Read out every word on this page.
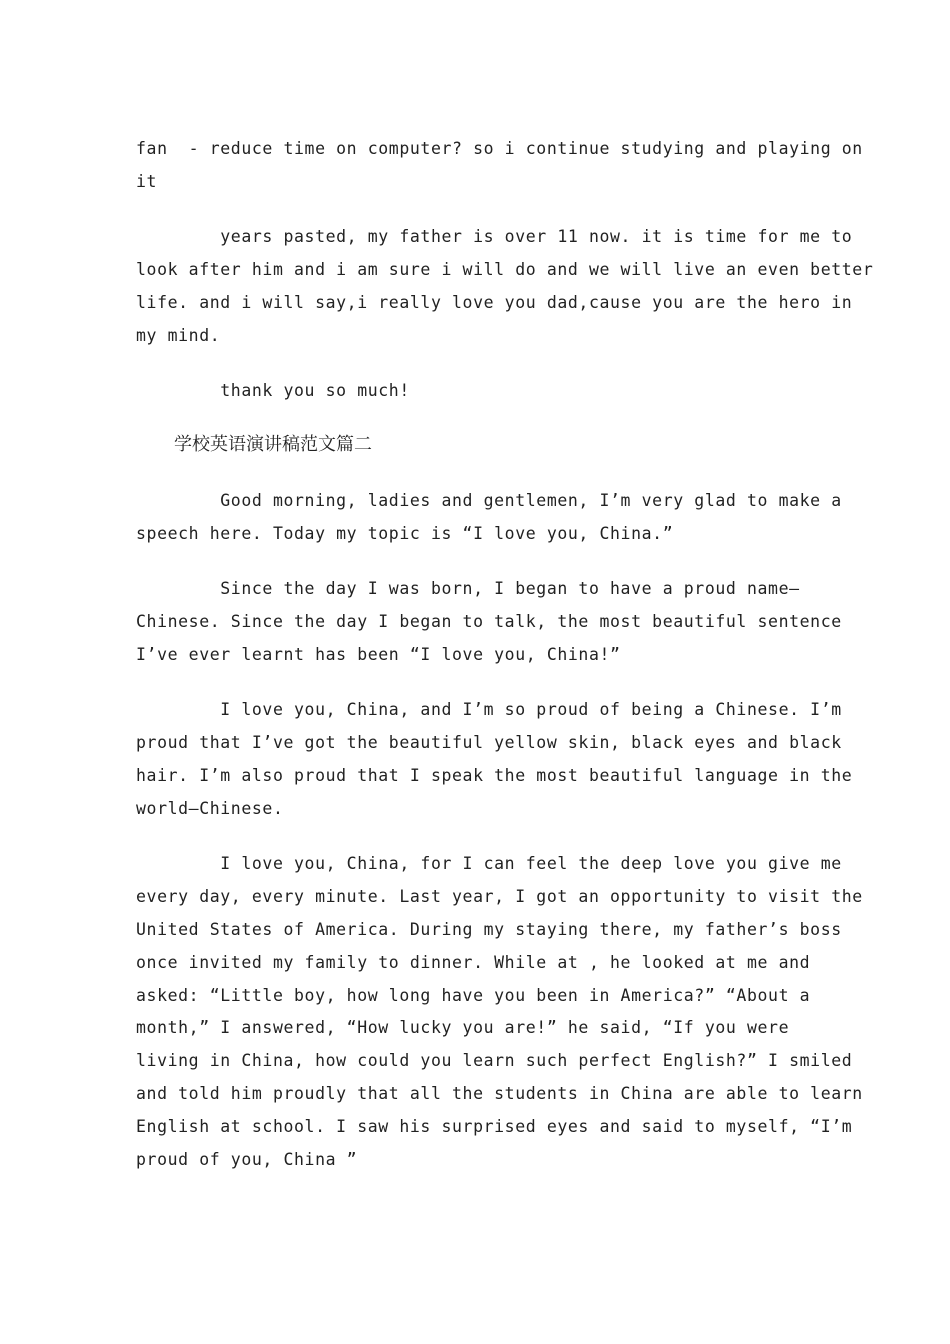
fan  - reduce time on computer? so i continue studying and playing on
it
years pasted, my father is over 11 now. it is time for me to
look after him and i am sure i will do and we will live an even better
life. and i will say,i really love you dad,cause you are the hero in
my mind.
thank you so much!
学校英语演讲稿范文篇二
Good morning, ladies and gentlemen, I’m very glad to make a
speech here. Today my topic is “I love you, China.”
Since the day I was born, I began to have a proud name—
Chinese. Since the day I began to talk, the most beautiful sentence
I’ve ever learnt has been “I love you, China!”
I love you, China, and I’m so proud of being a Chinese. I’m
proud that I’ve got the beautiful yellow skin, black eyes and black
hair. I’m also proud that I speak the most beautiful language in the
world—Chinese.
I love you, China, for I can feel the deep love you give me
every day, every minute. Last year, I got an opportunity to visit the
United States of America. During my staying there, my father’s boss
once invited my family to dinner. While at , he looked at me and
asked: “Little boy, how long have you been in America?” “About a
month,” I answered, “How lucky you are!” he said, “If you were
living in China, how could you learn such perfect English?” I smiled
and told him proudly that all the students in China are able to learn
English at school. I saw his surprised eyes and said to myself, “I’m
proud of you, China ”
